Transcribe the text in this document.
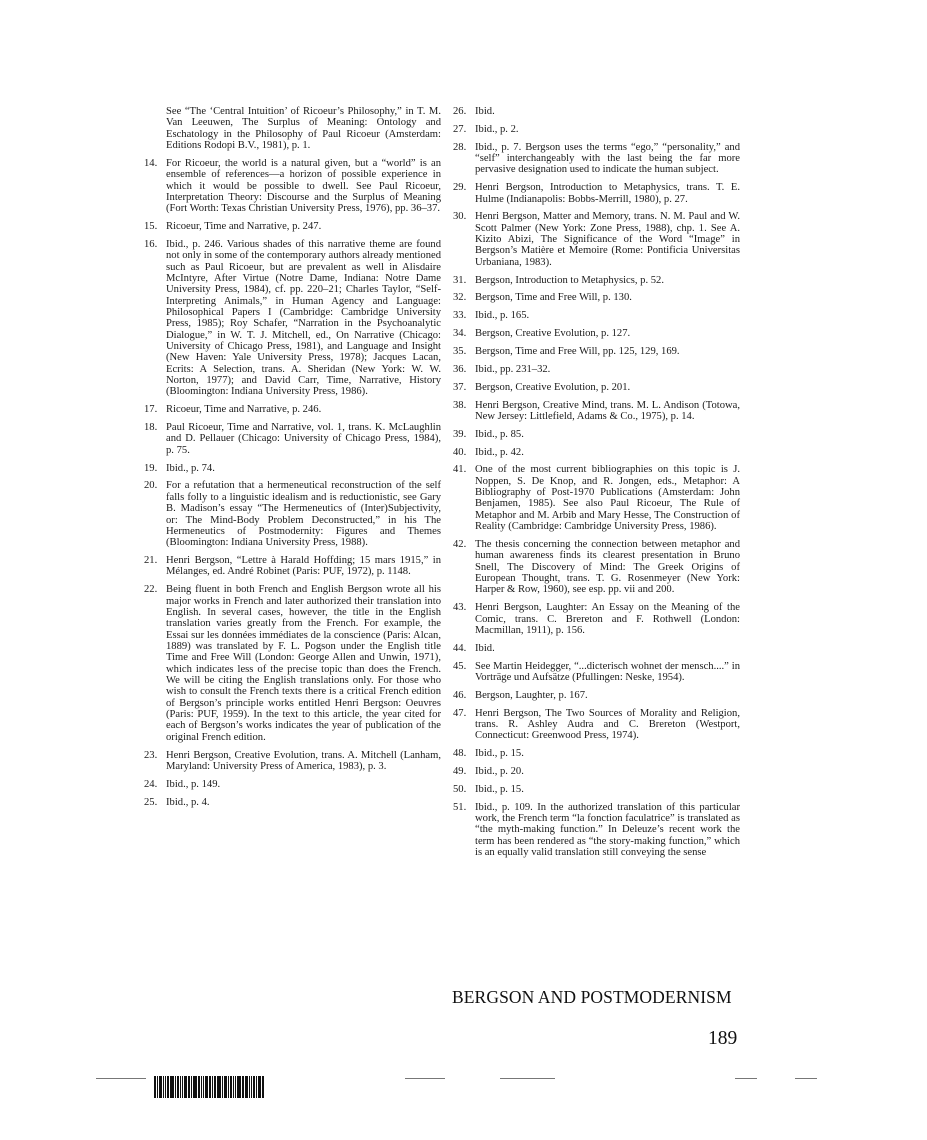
See “The ‘Central Intuition’ of Ricoeur’s Philosophy,” in T. M. Van Leeuwen, The Surplus of Meaning: Ontology and Eschatology in the Philosophy of Paul Ricoeur (Amsterdam: Editions Rodopi B.V., 1981), p. 1.
14. For Ricoeur, the world is a natural given, but a “world” is an ensemble of references—a horizon of possible experience in which it would be possible to dwell. See Paul Ricoeur, Interpretation Theory: Discourse and the Surplus of Meaning (Fort Worth: Texas Christian University Press, 1976), pp. 36–37.
15. Ricoeur, Time and Narrative, p. 247.
16. Ibid., p. 246. Various shades of this narrative theme are found not only in some of the contemporary authors already mentioned such as Paul Ricoeur, but are prevalent as well in Alisdaire McIntyre, After Virtue (Notre Dame, Indiana: Notre Dame University Press, 1984), cf. pp. 220–21; Charles Taylor, “Self-Interpreting Animals,” in Human Agency and Language: Philosophical Papers I (Cambridge: Cambridge University Press, 1985); Roy Schafer, “Narration in the Psychoanalytic Dialogue,” in W. T. J. Mitchell, ed., On Narrative (Chicago: University of Chicago Press, 1981), and Language and Insight (New Haven: Yale University Press, 1978); Jacques Lacan, Ecrits: A Selection, trans. A. Sheridan (New York: W. W. Norton, 1977); and David Carr, Time, Narrative, History (Bloomington: Indiana University Press, 1986).
17. Ricoeur, Time and Narrative, p. 246.
18. Paul Ricoeur, Time and Narrative, vol. 1, trans. K. McLaughlin and D. Pellauer (Chicago: University of Chicago Press, 1984), p. 75.
19. Ibid., p. 74.
20. For a refutation that a hermeneutical reconstruction of the self falls folly to a linguistic idealism and is reductionistic, see Gary B. Madison’s essay “The Hermeneutics of (Inter)Subjectivity, or: The Mind-Body Problem Deconstructed,” in his The Hermeneutics of Postmodernity: Figures and Themes (Bloomington: Indiana University Press, 1988).
21. Henri Bergson, “Lettre à Harald Hoffding; 15 mars 1915,” in Mélanges, ed. André Robinet (Paris: PUF, 1972), p. 1148.
22. Being fluent in both French and English Bergson wrote all his major works in French and later authorized their translation into English. In several cases, however, the title in the English translation varies greatly from the French. For example, the Essai sur les données immédiates de la conscience (Paris: Alcan, 1889) was translated by F. L. Pogson under the English title Time and Free Will (London: George Allen and Unwin, 1971), which indicates less of the precise topic than does the French. We will be citing the English translations only. For those who wish to consult the French texts there is a critical French edition of Bergson’s principle works entitled Henri Bergson: Oeuvres (Paris: PUF, 1959). In the text to this article, the year cited for each of Bergson’s works indicates the year of publication of the original French edition.
23. Henri Bergson, Creative Evolution, trans. A. Mitchell (Lanham, Maryland: University Press of America, 1983), p. 3.
24. Ibid., p. 149.
25. Ibid., p. 4.
26. Ibid.
27. Ibid., p. 2.
28. Ibid., p. 7. Bergson uses the terms “ego,” “personality,” and “self” interchangeably with the last being the far more pervasive designation used to indicate the human subject.
29. Henri Bergson, Introduction to Metaphysics, trans. T. E. Hulme (Indianapolis: Bobbs-Merrill, 1980), p. 27.
30. Henri Bergson, Matter and Memory, trans. N. M. Paul and W. Scott Palmer (New York: Zone Press, 1988), chp. 1. See A. Kizito Abizi, The Significance of the Word “Image” in Bergson’s Matière et Memoire (Rome: Pontificia Universitas Urbaniana, 1983).
31. Bergson, Introduction to Metaphysics, p. 52.
32. Bergson, Time and Free Will, p. 130.
33. Ibid., p. 165.
34. Bergson, Creative Evolution, p. 127.
35. Bergson, Time and Free Will, pp. 125, 129, 169.
36. Ibid., pp. 231–32.
37. Bergson, Creative Evolution, p. 201.
38. Henri Bergson, Creative Mind, trans. M. L. Andison (Totowa, New Jersey: Littlefield, Adams & Co., 1975), p. 14.
39. Ibid., p. 85.
40. Ibid., p. 42.
41. One of the most current bibliographies on this topic is J. Noppen, S. De Knop, and R. Jongen, eds., Metaphor: A Bibliography of Post-1970 Publications (Amsterdam: John Benjamen, 1985). See also Paul Ricoeur, The Rule of Metaphor and M. Arbib and Mary Hesse, The Construction of Reality (Cambridge: Cambridge University Press, 1986).
42. The thesis concerning the connection between metaphor and human awareness finds its clearest presentation in Bruno Snell, The Discovery of Mind: The Greek Origins of European Thought, trans. T. G. Rosenmeyer (New York: Harper & Row, 1960), see esp. pp. vii and 200.
43. Henri Bergson, Laughter: An Essay on the Meaning of the Comic, trans. C. Brereton and F. Rothwell (London: Macmillan, 1911), p. 156.
44. Ibid.
45. See Martin Heidegger, “...dicterisch wohnet der mensch....” in Vorträge und Aufsätze (Pfullingen: Neske, 1954).
46. Bergson, Laughter, p. 167.
47. Henri Bergson, The Two Sources of Morality and Religion, trans. R. Ashley Audra and C. Brereton (Westport, Connecticut: Greenwood Press, 1974).
48. Ibid., p. 15.
49. Ibid., p. 20.
50. Ibid., p. 15.
51. Ibid., p. 109. In the authorized translation of this particular work, the French term “la fonction faculatrice” is translated as “the myth-making function.” In Deleuze’s recent work the term has been rendered as “the story-making function,” which is an equally valid translation still conveying the sense
BERGSON AND POSTMODERNISM
189
